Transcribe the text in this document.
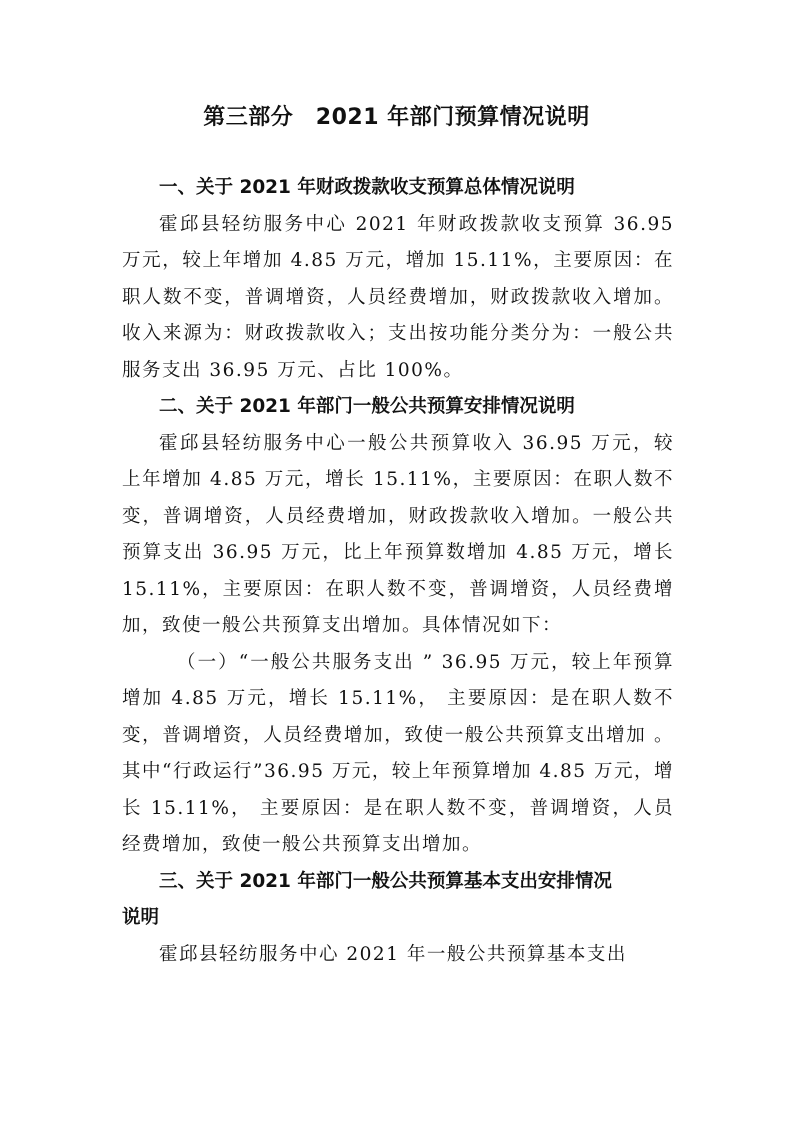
第三部分　2021 年部门预算情况说明
一、关于 2021 年财政拨款收支预算总体情况说明

霍邱县轻纺服务中心 2021 年财政拨款收支预算 36.95 万元，较上年增加 4.85 万元，增加 15.11%，主要原因：在职人数不变，普调增资，人员经费增加，财政拨款收入增加。收入来源为：财政拨款收入；支出按功能分类分为：一般公共服务支出 36.95 万元、占比 100%。

二、关于 2021 年部门一般公共预算安排情况说明

霍邱县轻纺服务中心一般公共预算收入 36.95 万元，较上年增加 4.85 万元，增长 15.11%，主要原因：在职人数不变，普调增资，人员经费增加，财政拨款收入增加。一般公共预算支出 36.95 万元，比上年预算数增加 4.85 万元，增长 15.11%，主要原因：在职人数不变，普调增资，人员经费增加，致使一般公共预算支出增加。具体情况如下：

（一）“一般公共服务支出 ” 36.95 万元，较上年预算增加 4.85 万元，增长 15.11%， 主要原因：是在职人数不变，普调增资，人员经费增加，致使一般公共预算支出增加 。其中“行政运行”36.95 万元，较上年预算增加 4.85 万元，增长 15.11%， 主要原因：是在职人数不变，普调增资，人员经费增加，致使一般公共预算支出增加。

三、关于 2021 年部门一般公共预算基本支出安排情况
说明

霍邱县轻纺服务中心 2021 年一般公共预算基本支出
